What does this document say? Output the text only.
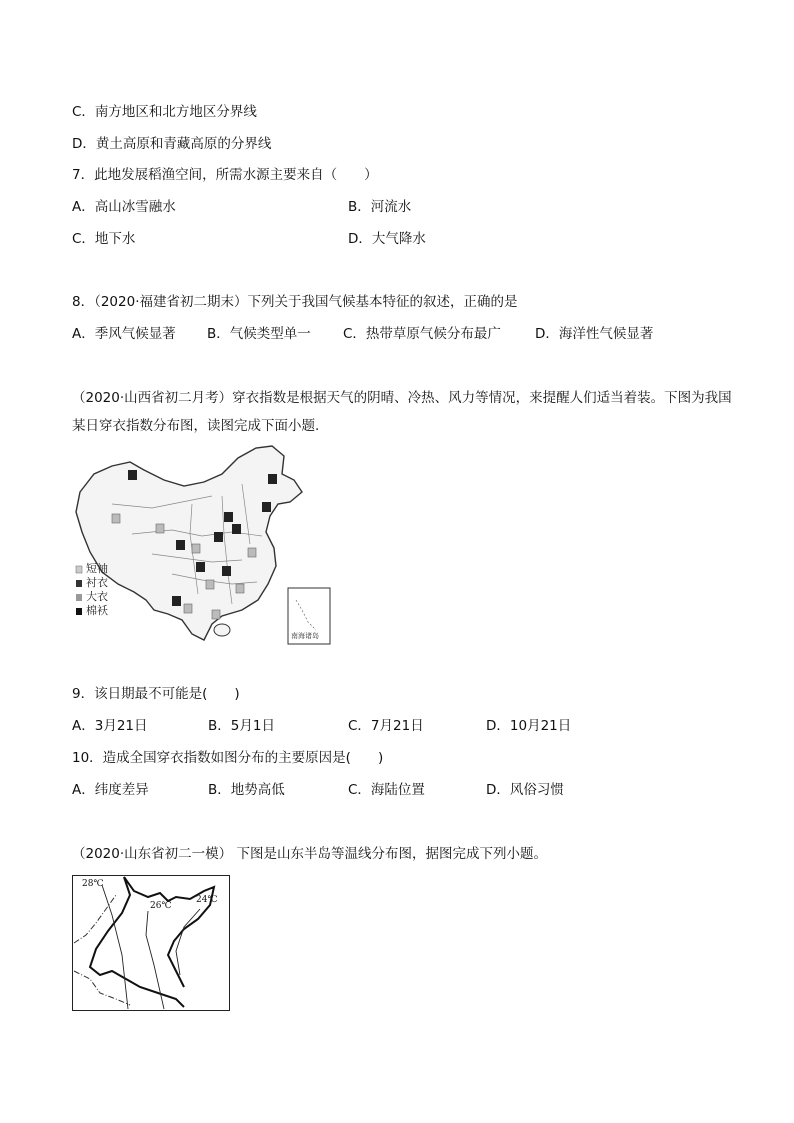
C．南方地区和北方地区分界线
D．黄土高原和青藏高原的分界线
7．此地发展稻渔空间，所需水源主要来自（　　）
A．高山冰雪融水	B．河流水
C．地下水	D．大气降水
8．（2020·福建省初二期末）下列关于我国气候基本特征的叙述，正确的是
A．季风气候显著 B．气候类型单一 C．热带草原气候分布最广	D．海洋性气候显著
（2020·山西省初二月考）穿衣指数是根据天气的阴晴、冷热、风力等情况，来提醒人们适当着装。下图为我国某日穿衣指数分布图，读图完成下面小题.
短袖
衬衣
大衣
棉袄
南海诸岛
9．该日期最不可能是(　　)
A．3月21日	B．5月1日	C．7月21日	D．10月21日
10．造成全国穿衣指数如图分布的主要原因是(　　)
A．纬度差异	B．地势高低	C．海陆位置	D．风俗习惯
（2020·山东省初二一模） 下图是山东半岛等温线分布图，据图完成下列小题。
28℃
26℃
24℃
